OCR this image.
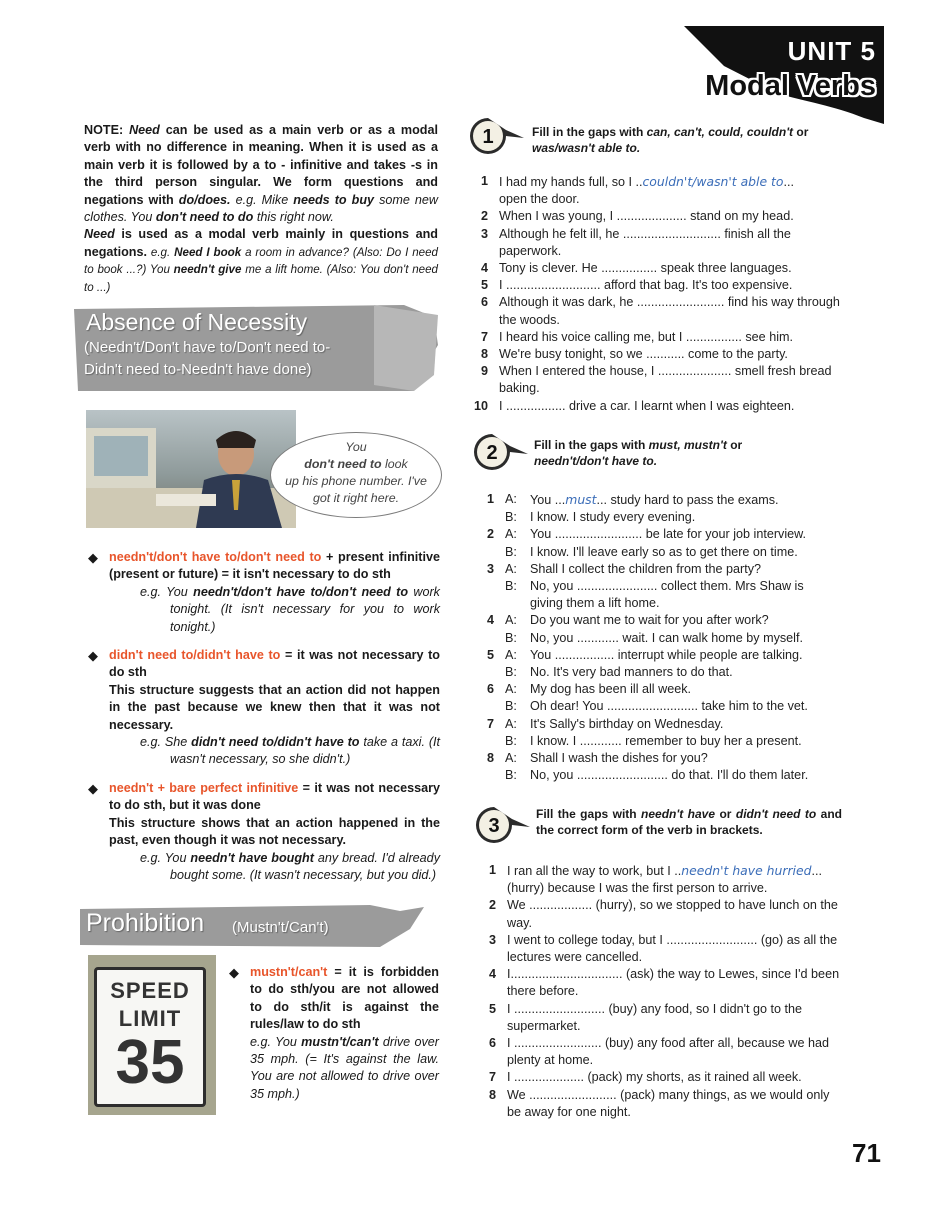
UNIT 5
Modal Verbs

NOTE: Need can be used as a main verb or as a modal verb with no difference in meaning. When it is used as a main verb it is followed by a to - infinitive and takes -s in the third person singular. We form questions and negations with do/does. e.g. Mike needs to buy some new clothes. You don't need to do this right now.

Need is used as a modal verb mainly in questions and negations. e.g. Need I book a room in advance? (Also: Do I need to book ...?) You needn't give me a lift home. (Also: You don't need to ...)

Absence of Necessity
(Needn't/Don't have to/Don't need to-
Didn't need to-Needn't have done)
You
don't need to look
up his phone number. I've
got it right here.
◆ needn't/don't have to/don't need to + present infinitive (present or future) = it isn't necessary to do sth
e.g. You needn't/don't have to/don't need to work tonight. (It isn't necessary for you to work tonight.)
◆ didn't need to/didn't have to = it was not necessary to do sth
This structure suggests that an action did not happen in the past because we knew then that it was not necessary.
e.g. She didn't need to/didn't have to take a taxi. (It wasn't necessary, so she didn't.)
◆ needn't + bare perfect infinitive = it was not necessary to do sth, but it was done
This structure shows that an action happened in the past, even though it was not necessary.
e.g. You needn't have bought any bread. I'd already bought some. (It wasn't necessary, but you did.)
Prohibition (Mustn't/Can't)
SPEED
LIMIT
35
◆ mustn't/can't = it is forbidden to do sth/you are not allowed to do sth/it is against the rules/law to do sth
e.g. You mustn't/can't drive over 35 mph. (= It's against the law. You are not allowed to drive over 35 mph.)
1	Fill in the gaps with can, can't, could, couldn't or was/wasn't able to.
1 I had my hands full, so I ..couldn't/wasn't able to...
open the door.
2 When I was young, I .................... stand on my head.
3 Although he felt ill, he ............................ finish all the paperwork.
4 Tony is clever. He ................ speak three languages.
5 I ........................... afford that bag. It's too expensive.
6 Although it was dark, he ......................... find his way through the woods.
7 I heard his voice calling me, but I ................ see him.
8 We're busy tonight, so we ........... come to the party.
9 When I entered the house, I ..................... smell fresh bread baking.
10 I ................. drive a car. I learnt when I was eighteen.
2	Fill in the gaps with must, mustn't or
needn't/don't have to.
1 A: You ...must... study hard to pass the exams.
B: I know. I study every evening.
2 A: You ......................... be late for your job interview.
B: I know. I'll leave early so as to get there on time.
3 A: Shall I collect the children from the party?
B: No, you ....................... collect them. Mrs Shaw is giving them a lift home.
4 A: Do you want me to wait for you after work?
B: No, you ............ wait. I can walk home by myself.
5 A: You ................. interrupt while people are talking.
B: No. It's very bad manners to do that.
6 A: My dog has been ill all week.
B: Oh dear! You .......................... take him to the vet.
7 A: It's Sally's birthday on Wednesday.
B: I know. I ............ remember to buy her a present.
8 A: Shall I wash the dishes for you?
B: No, you .......................... do that. I'll do them later.
3
Fill the gaps with needn't have or didn't need to and the correct form of the verb in brackets.
1 I ran all the way to work, but I ..needn't have hurried...
(hurry) because I was the first person to arrive.
2 We .................. (hurry), so we stopped to have lunch on the way.
3 I went to college today, but I .......................... (go) as all the lectures were cancelled.
4 I................................ (ask) the way to Lewes, since I'd been there before.
5 I .......................... (buy) any food, so I didn't go to the supermarket.
6 I ......................... (buy) any food after all, because we had plenty at home.
7 I .................... (pack) my shorts, as it rained all week.
8 We ......................... (pack) many things, as we would only be away for one night.
71
